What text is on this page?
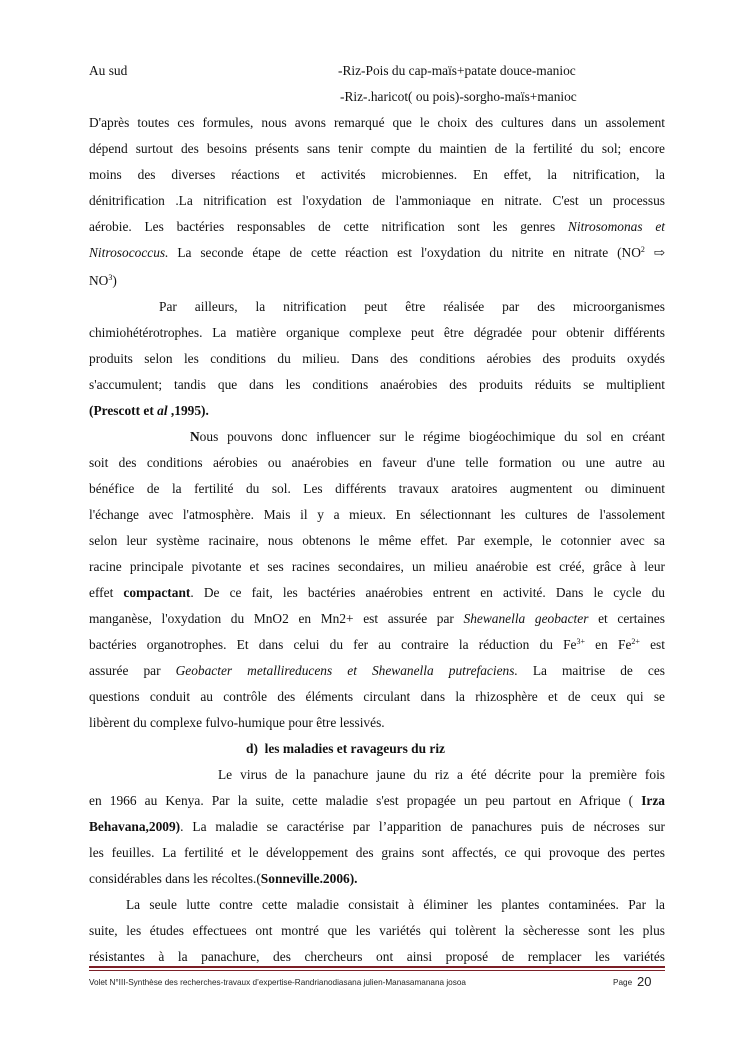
Au sud	-Riz-Pois du cap-maïs+patate douce-manioc
-Riz-.haricot( ou pois)-sorgho-maïs+manioc
D'après toutes ces formules, nous avons remarqué que le choix des cultures dans un assolement
dépend surtout des besoins présents sans tenir compte du maintien de la fertilité du sol; encore
moins des diverses réactions et activités microbiennes. En effet, la nitrification, la
dénitrification .La nitrification est l'oxydation de l'ammoniaque en nitrate. C'est un processus
aérobie. Les bactéries responsables de cette nitrification sont les genres Nitrosomonas et
Nitrosococcus. La seconde étape de cette réaction est l'oxydation du nitrite en nitrate ($NO^2$ ⇨
$NO^3$)
Par ailleurs, la nitrification peut être réalisée par des microorganismes
chimiohétérotrophes. La matière organique complexe peut être dégradée pour obtenir différents
produits selon les conditions du milieu. Dans des conditions aérobies des produits oxydés
s'accumulent; tandis que dans les conditions anaérobies des produits réduits se multiplient
(Prescott et al ,1995).
Nous pouvons donc influencer sur le régime biogéochimique du sol en créant
soit des conditions aérobies ou anaérobies en faveur d'une telle formation ou une autre au
bénéfice de la fertilité du sol. Les différents travaux aratoires augmentent ou diminuent
l'échange avec l'atmosphère. Mais il y a mieux. En sélectionnant les cultures de l'assolement
selon leur système racinaire, nous obtenons le même effet. Par exemple, le cotonnier avec sa
racine principale pivotante et ses racines secondaires, un milieu anaérobie est créé, grâce à leur
effet compactant. De ce fait, les bactéries anaérobies entrent en activité. Dans le cycle du
manganèse, l'oxydation du MnO2 en Mn2+ est assurée par Shewanella geobacter et certaines
bactéries organotrophes. Et dans celui du fer au contraire la réduction du $Fe^{3+}$ en $Fe^{2+}$ est
assurée par Geobacter metallireducens et Shewanella putrefaciens. La maitrise de ces
questions conduit au contrôle des éléments circulant dans la rhizosphère et de ceux qui se
libèrent du complexe fulvo-humique pour être lessivés.
d) les maladies et ravageurs du riz
Le virus de la panachure jaune du riz a été décrite pour la première fois
en 1966 au Kenya. Par la suite, cette maladie s'est propagée un peu partout en Afrique ( Irza
Behavana,2009). La maladie se caractérise par l’apparition de panachures puis de nécroses sur
les feuilles. La fertilité et le développement des grains sont affectés, ce qui provoque des pertes
considérables dans les récoltes.(Sonneville.2006).
La seule lutte contre cette maladie consistait à éliminer les plantes contaminées. Par la
suite, les études effectuees ont montré que les variétés qui tolèrent la sècheresse sont les plus
résistantes à la panachure, des chercheurs ont ainsi proposé de remplacer les variétés
Volet N°III-Synthèse des recherches-travaux d’expertise-Randrianodiasana julien-Manasamanana josoa	Page 20
